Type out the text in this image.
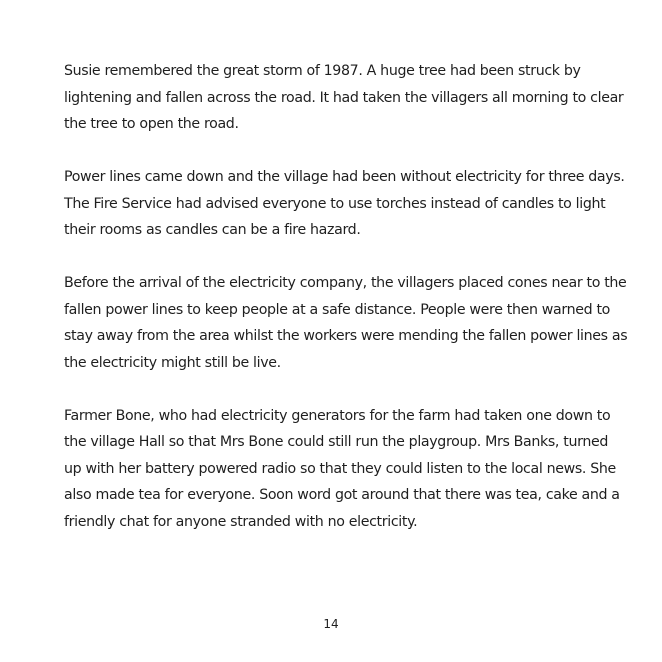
Susie remembered the great storm of 1987. A huge tree had been struck by
lightening and fallen across the road. It had taken the villagers all morning to clear
the tree to open the road.
Power lines came down and the village had been without electricity for three days.
The Fire Service had advised everyone to use torches instead of candles to light
their rooms as candles can be a fire hazard.
Before the arrival of the electricity company, the villagers placed cones near to the
fallen power lines to keep people at a safe distance. People were then warned to
stay away from the area whilst the workers were mending the fallen power lines as
the electricity might still be live.
Farmer Bone, who had electricity generators for the farm had taken one down to
the village Hall so that Mrs Bone could still run the playgroup. Mrs Banks, turned
up with her battery powered radio so that they could listen to the local news. She
also made tea for everyone. Soon word got around that there was tea, cake and a
friendly chat for anyone stranded with no electricity.
14
